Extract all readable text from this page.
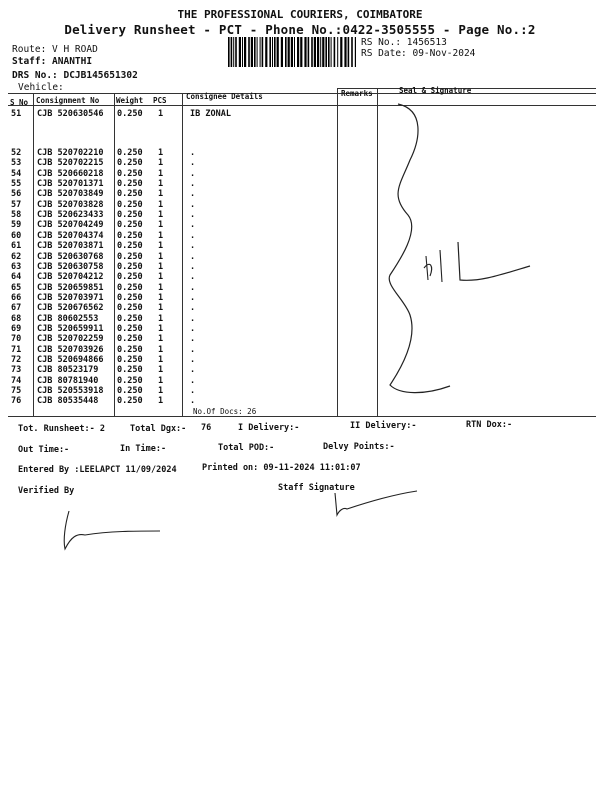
THE PROFESSIONAL COURIERS, COIMBATORE
Delivery Runsheet - PCT - Phone No.:0422-3505555 - Page No.:2
Route: V H ROAD
Staff: ANANTHI
DRS No.: DCJB145651302
Vehicle:
RS No.: 1456513
RS Date: 09-Nov-2024
S No Consignment No Weight PCS	Consignee Details	Remarks	Seal & Signature
51 CJB 520630546 0.250 1	IB ZONAL
52 CJB 520702210 0.250 1	.
53 CJB 520702215 0.250 1	.
54 CJB 520660218 0.250 1	.
55 CJB 520701371 0.250 1	.
56 CJB 520703849 0.250 1	.
57 CJB 520703828 0.250 1	.
58 CJB 520623433 0.250 1	.
59 CJB 520704249 0.250 1	.
60 CJB 520704374 0.250 1	.
61 CJB 520703871 0.250 1	.
62 CJB 520630768 0.250 1	.
63 CJB 520630758 0.250 1	.
64 CJB 520704212 0.250 1	.
65 CJB 520659851 0.250 1	.
66 CJB 520703971 0.250 1	.
67 CJB 520676562 0.250 1	.
68 CJB 80602553 0.250 1	.
69 CJB 520659911 0.250 1	.
70 CJB 520702259 0.250 1	.
71 CJB 520703926 0.250 1	.
72 CJB 520694866 0.250 1	.
73 CJB 80523179 0.250 1	.
74 CJB 80781940 0.250 1	.
75 CJB 520553918 0.250 1	.
76 CJB 80535448 0.250 1	.
No.Of Docs: 26
Tot. Runsheet:- 2	Total Dgx:- 76	I Delivery:-	II Delivery:-	RTN Dox:-
Out Time:-	In Time:-	Total POD:-	Delvy Points:-
Entered By :LEELAPCT 11/09/2024	Printed on: 09-11-2024 11:01:07
Verified By	Staff Signature
